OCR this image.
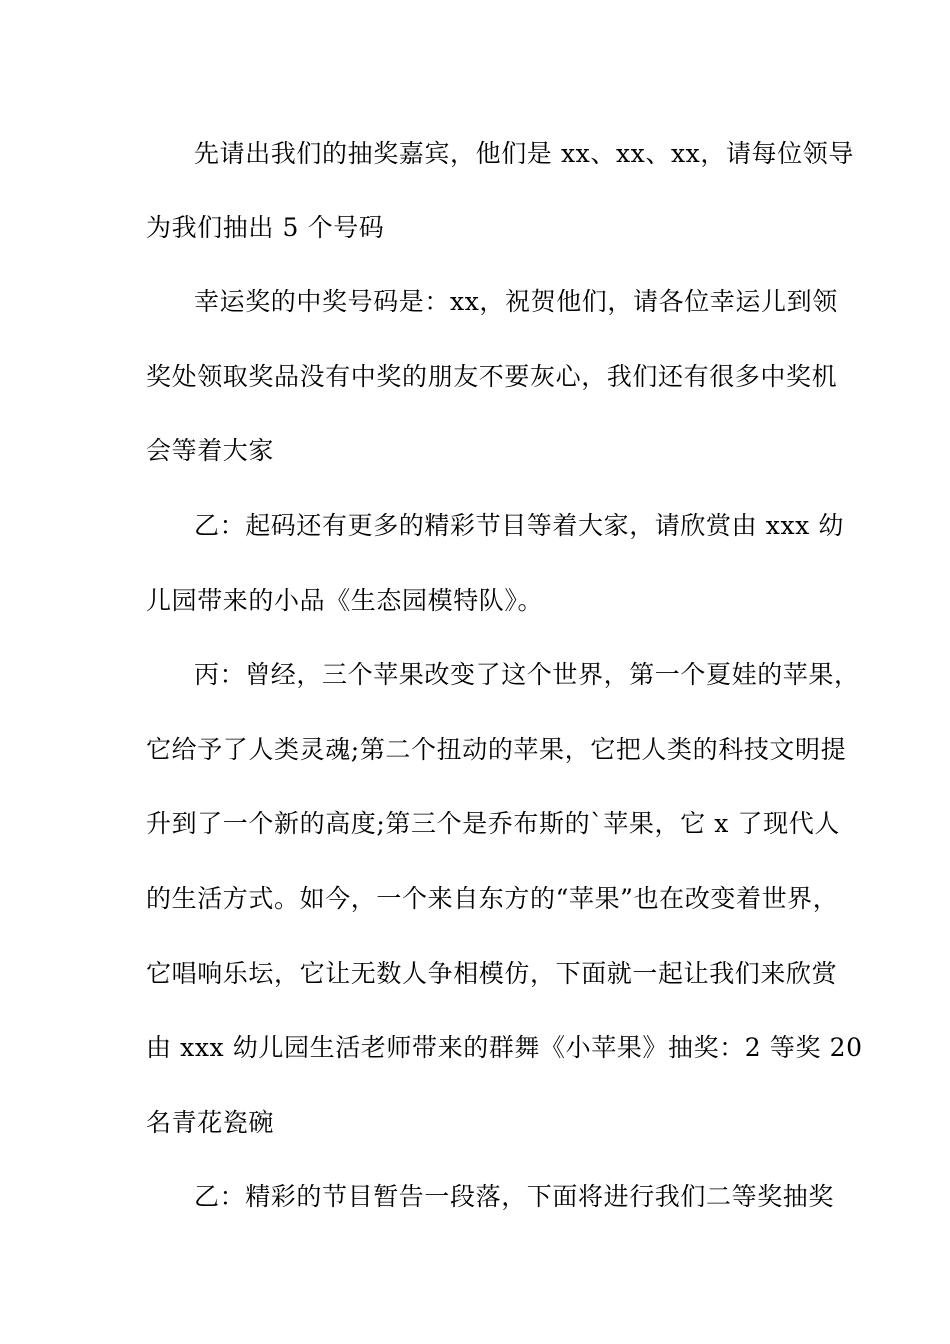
先请出我们的抽奖嘉宾，他们是 xx、xx、xx，请每位领导
为我们抽出 5 个号码
幸运奖的中奖号码是：xx，祝贺他们，请各位幸运儿到领
奖处领取奖品没有中奖的朋友不要灰心，我们还有很多中奖机
会等着大家
乙：起码还有更多的精彩节目等着大家，请欣赏由 xxx 幼
儿园带来的小品《生态园模特队》。
丙：曾经，三个苹果改变了这个世界，第一个夏娃的苹果，
它给予了人类灵魂;第二个扭动的苹果，它把人类的科技文明提
升到了一个新的高度;第三个是乔布斯的`苹果，它 x 了现代人
的生活方式。如今，一个来自东方的“苹果”也在改变着世界，
它唱响乐坛，它让无数人争相模仿，下面就一起让我们来欣赏
由 xxx 幼儿园生活老师带来的群舞《小苹果》抽奖：2 等奖 20
名青花瓷碗
乙：精彩的节目暂告一段落，下面将进行我们二等奖抽奖
